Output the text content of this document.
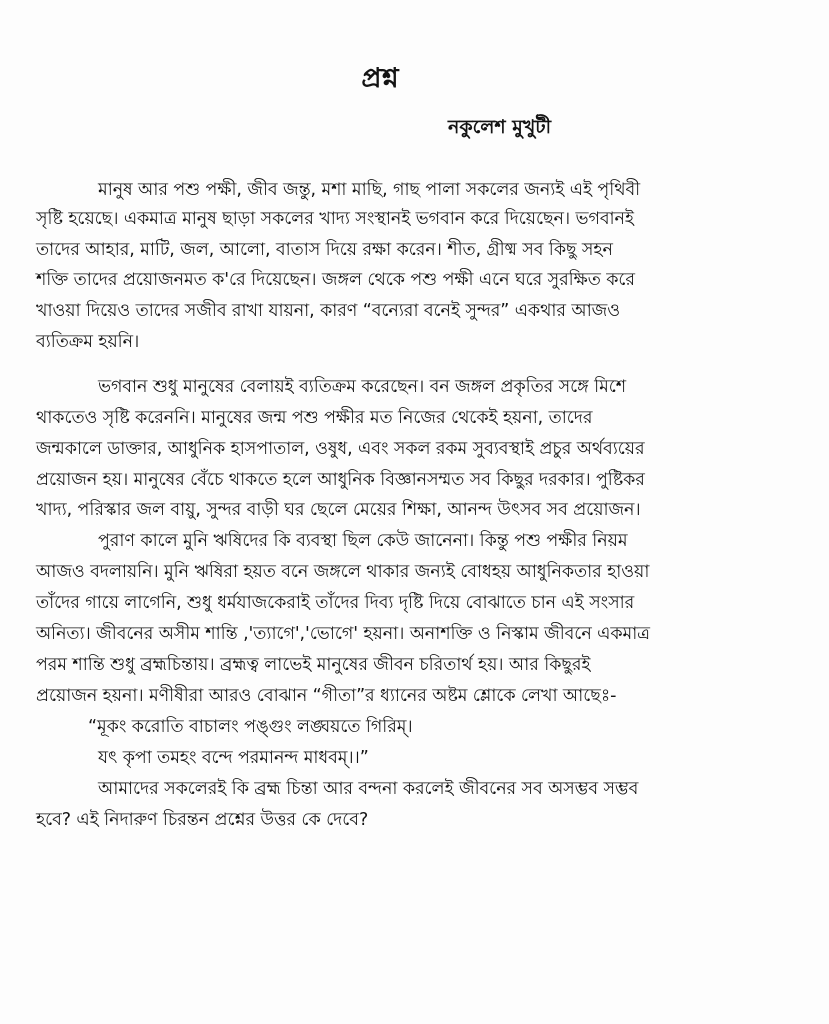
প্রশ্ন
নকুলেশ মুখুটী
মানুষ আর পশু পক্ষী, জীব জন্তু, মশা মাছি, গাছ পালা সকলের জন্যই এই পৃথিবী
সৃষ্টি হয়েছে। একমাত্র মানুষ ছাড়া সকলের খাদ্য সংস্থানই ভগবান করে দিয়েছেন। ভগবানই
তাদের আহার, মাটি, জল, আলো, বাতাস দিয়ে রক্ষা করেন। শীত, গ্রীষ্ম সব কিছু সহন
শক্তি তাদের প্রয়োজনমত ক'রে দিয়েছেন। জঙ্গল থেকে পশু পক্ষী এনে ঘরে সুরক্ষিত করে
খাওয়া দিয়েও তাদের সজীব রাখা যায়না, কারণ “বন্যেরা বনেই সুন্দর” একথার আজও
ব্যতিক্রম হয়নি।
ভগবান শুধু মানুষের বেলায়ই ব্যতিক্রম করেছেন। বন জঙ্গল প্রকৃতির সঙ্গে মিশে
থাকতেও সৃষ্টি করেননি। মানুষের জন্ম পশু পক্ষীর মত নিজের থেকেই হয়না, তাদের
জন্মকালে ডাক্তার, আধুনিক হাসপাতাল, ওষুধ, এবং সকল রকম সুব্যবস্থাই প্রচুর অর্থব্যয়ের
প্রয়োজন হয়। মানুষের বেঁচে থাকতে হলে আধুনিক বিজ্ঞানসম্মত সব কিছুর দরকার। পুষ্টিকর
খাদ্য, পরিস্কার জল বায়ু, সুন্দর বাড়ী ঘর ছেলে মেয়ের শিক্ষা, আনন্দ উৎসব সব প্রয়োজন।
পুরাণ কালে মুনি ঋষিদের কি ব্যবস্থা ছিল কেউ জানেনা। কিন্তু পশু পক্ষীর নিয়ম
আজও বদলায়নি। মুনি ঋষিরা হয়ত বনে জঙ্গলে থাকার জন্যই বোধহয় আধুনিকতার হাওয়া
তাঁদের গায়ে লাগেনি, শুধু ধর্মযাজকেরাই তাঁদের দিব্য দৃষ্টি দিয়ে বোঝাতে চান এই সংসার
অনিত্য। জীবনের অসীম শান্তি ,'ত্যাগে','ভোগে' হয়না। অনাশক্তি ও নিস্কাম জীবনে একমাত্র
পরম শান্তি শুধু ব্রহ্মচিন্তায়। ব্রহ্মত্ব লাভেই মানুষের জীবন চরিতার্থ হয়। আর কিছুরই
প্রয়োজন হয়না। মণীষীরা আরও বোঝান “গীতা”র ধ্যানের অষ্টম শ্লোকে লেখা আছেঃ-
“মূকং করোতি বাচালং পঙ্গুং লঙ্ঘয়তে গিরিম্।
যৎ কৃপা তমহং বন্দে পরমানন্দ মাধবম্।।”
আমাদের সকলেরই কি ব্রহ্ম চিন্তা আর বন্দনা করলেই জীবনের সব অসম্ভব সম্ভব
হবে? এই নিদারুণ চিরন্তন প্রশ্নের উত্তর কে দেবে?
